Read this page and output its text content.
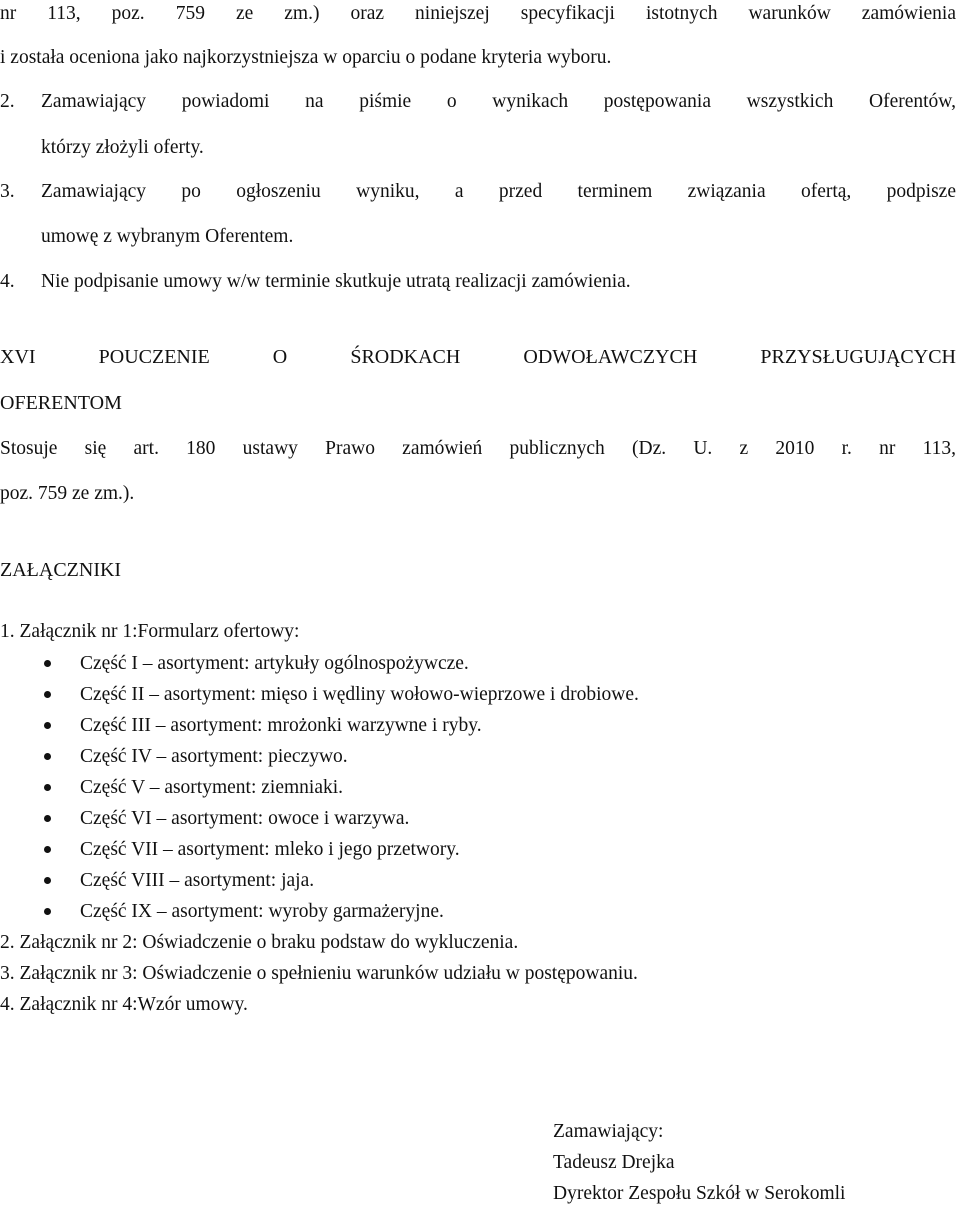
nr 113, poz. 759 ze zm.) oraz niniejszej specyfikacji istotnych warunków zamówienia
i została oceniona jako najkorzystniejsza w oparciu o podane kryteria wyboru.
2. Zamawiający powiadomi na piśmie o wynikach postępowania wszystkich Oferentów,
którzy złożyli oferty.
3. Zamawiający po ogłoszeniu wyniku, a przed terminem związania ofertą, podpisze
umowę z wybranym Oferentem.
4. Nie podpisanie umowy w/w terminie skutkuje utratą realizacji zamówienia.
XVI POUCZENIE O ŚRODKACH ODWOŁAWCZYCH PRZYSŁUGUJĄCYCH
OFERENTOM
Stosuje się art. 180 ustawy Prawo zamówień publicznych (Dz. U. z 2010 r. nr 113,
poz. 759 ze zm.).
ZAŁĄCZNIKI
1. Załącznik nr 1:Formularz ofertowy:
Część I – asortyment: artykuły ogólnospożywcze.
Część II – asortyment: mięso i wędliny wołowo-wieprzowe i drobiowe.
Część III – asortyment: mrożonki warzywne i ryby.
Część IV – asortyment: pieczywo.
Część V – asortyment: ziemniaki.
Część VI – asortyment: owoce i warzywa.
Część VII – asortyment: mleko i jego przetwory.
Część VIII – asortyment: jaja.
Część IX – asortyment: wyroby garmażeryjne.
2. Załącznik nr 2: Oświadczenie o braku podstaw do wykluczenia.
3. Załącznik nr 3: Oświadczenie o spełnieniu warunków udziału w postępowaniu.
4. Załącznik nr 4:Wzór umowy.
Zamawiający:
Tadeusz Drejka
Dyrektor Zespołu Szkół w Serokomli
